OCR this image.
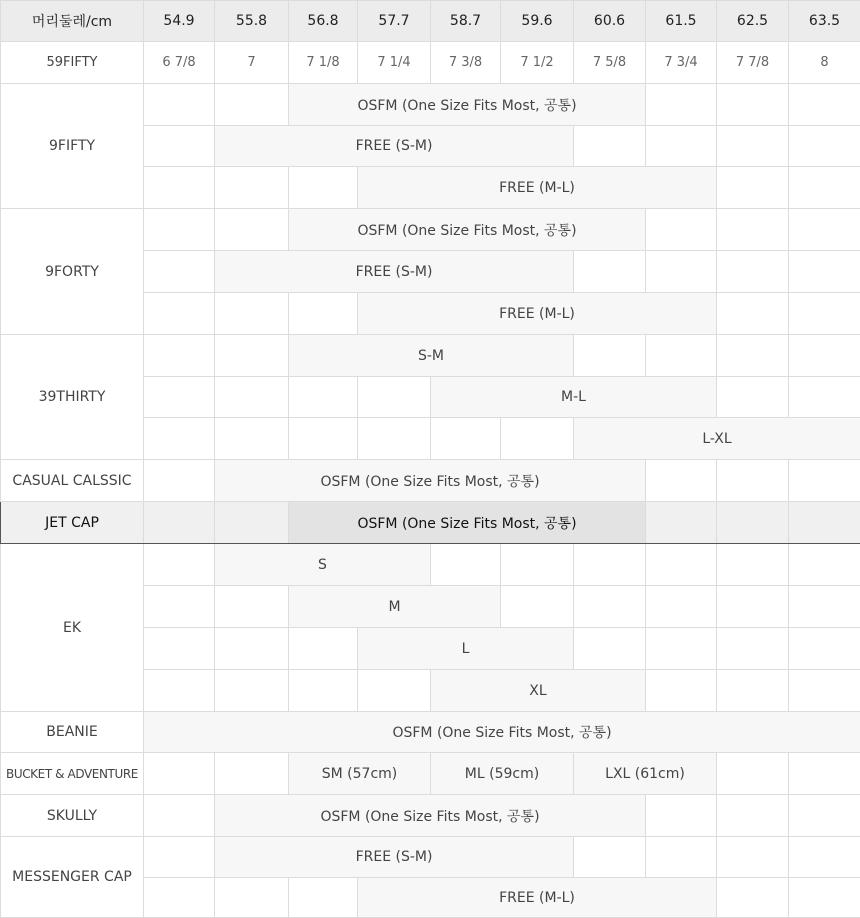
머리둘레/cm	54.9	55.8	56.8	57.7	58.7	59.6	60.6	61.5	62.5	63.5
59FIFTY	6 7/8	7	7 1/8	7 1/4	7 3/8	7 1/2	7 5/8	7 3/4	7 7/8	8
9FIFTY			OSFM (One Size Fits Most, 공통)							
		FREE (S-M)								
				FREE (M-L)						
9FORTY			OSFM (One Size Fits Most, 공통)							
		FREE (S-M)								
				FREE (M-L)						
39THIRTY			S-M							
					M-L					
							L-XL			
CASUAL CALSSIC		OSFM (One Size Fits Most, 공통)								
JET CAP			OSFM (One Size Fits Most, 공통)							
EK		S								
			M							
				L						
					XL					
BEANIE	OSFM (One Size Fits Most, 공통)									
BUCKET & ADVENTURE			SM (57cm)		ML (59cm)		LXL (61cm)			
SKULLY		OSFM (One Size Fits Most, 공통)								
MESSENGER CAP		FREE (S-M)								
				FREE (M-L)						
